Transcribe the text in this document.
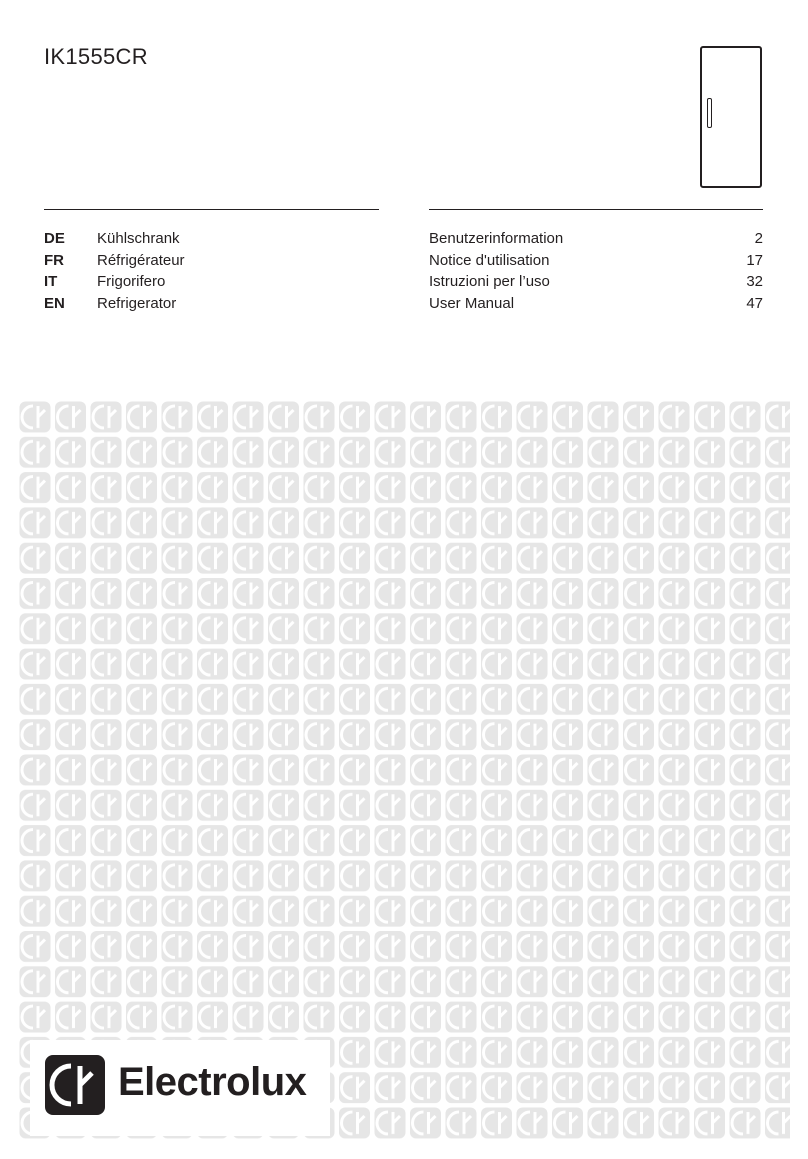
IK1555CR
DE Kühlschrank	Benutzerinformation	2
FR Réfrigérateur	Notice d'utilisation	17
IT	Frigorifero	Istruzioni per l’uso	32
EN Refrigerator	User Manual	47
Electrolux
